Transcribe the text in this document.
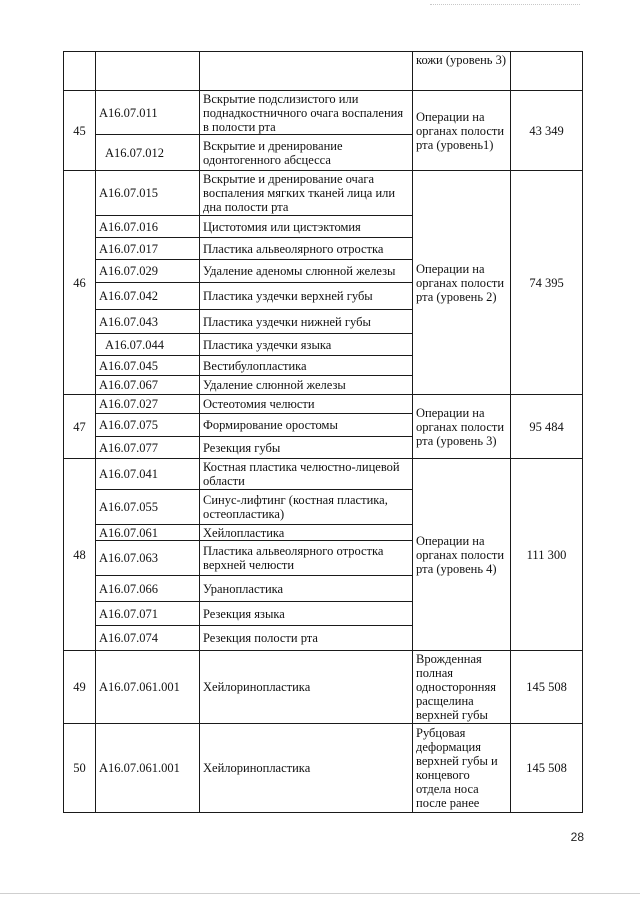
			кожи (уровень 3)	
45	A16.07.011	Вскрытие подслизистого или поднадкостничного очага воспаления в полости рта	Операции на органах полости рта (уровень1)	43 349
	A16.07.012	Вскрытие и дренирование одонтогенного абсцесса		
46	A16.07.015	Вскрытие и дренирование очага воспаления мягких тканей лица или дна полости рта	Операции на органах полости рта (уровень 2)	74 395
	A16.07.016	Цистотомия или цистэктомия		
	A16.07.017	Пластика альвеолярного отростка		
	A16.07.029	Удаление аденомы слюнной железы		
	A16.07.042	Пластика уздечки верхней губы		
	A16.07.043	Пластика уздечки нижней губы		
	A16.07.044	Пластика уздечки языка		
	A16.07.045	Вестибулопластика		
	A16.07.067	Удаление слюнной железы		
47	A16.07.027	Остеотомия челюсти	Операции на органах полости рта (уровень 3)	95 484
	A16.07.075	Формирование оростомы		
	A16.07.077	Резекция губы		
48	A16.07.041	Костная пластика челюстно-лицевой области	Операции на органах полости рта (уровень 4)	111 300
	A16.07.055	Синус-лифтинг (костная пластика, остеопластика)		
	A16.07.061	Хейлопластика		
	A16.07.063	Пластика альвеолярного отростка верхней челюсти		
	A16.07.066	Уранопластика		
	A16.07.071	Резекция языка		
	A16.07.074	Резекция полости рта		
49	A16.07.061.001	Хейлоринопластика	Врожденная полная односторонняя расщелина верхней губы	145 508
50	A16.07.061.001	Хейлоринопластика	Рубцовая деформация верхней губы и концевого отдела носа после ранее	145 508
28
